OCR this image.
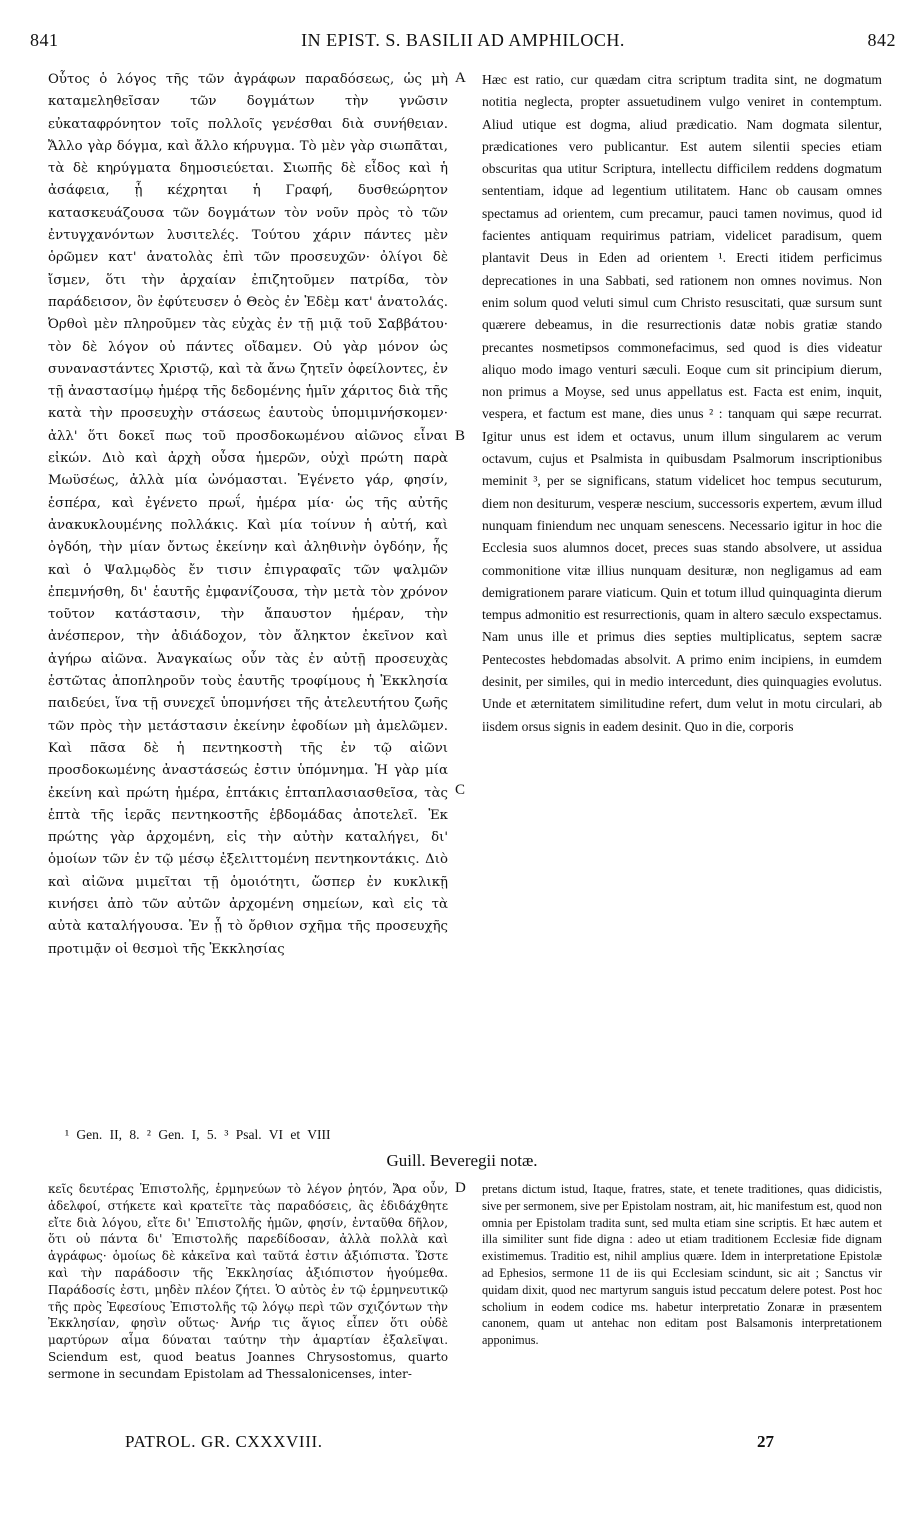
841	IN EPIST. S. BASILII AD AMPHILOCH.	842
Οὗτος ὁ λόγος τῆς τῶν ἀγράφων παραδόσεως, ὡς μὴ καταμεληθεῖσαν τῶν δογμάτων τὴν γνῶσιν εὐκαταφρόνητον τοῖς πολλοῖς γενέσθαι διὰ συνήθειαν. Ἄλλο γὰρ δόγμα, καὶ ἄλλο κήρυγμα. Τὸ μὲν γὰρ σιωπᾶται, τὰ δὲ κηρύγματα δημοσιεύεται. Σιωπῆς δὲ εἶδος καὶ ἡ ἀσάφεια, ᾗ κέχρηται ἡ Γραφή, δυσθεώρητον κατασκευάζουσα τῶν δογμάτων τὸν νοῦν πρὸς τὸ τῶν ἐντυγχανόντων λυσιτελές. Τούτου χάριν πάντες μὲν ὁρῶμεν κατ' ἀνατολὰς ἐπὶ τῶν προσευχῶν· ὀλίγοι δὲ ἴσμεν, ὅτι τὴν ἀρχαίαν ἐπιζητοῦμεν πατρίδα, τὸν παράδεισον, ὃν ἐφύτευσεν ὁ Θεὸς ἐν Ἐδὲμ κατ' ἀνατολάς. Ὀρθοὶ μὲν πληροῦμεν τὰς εὐχὰς ἐν τῇ μιᾷ τοῦ Σαββάτου· τὸν δὲ λόγον οὐ πάντες οἴδαμεν. Οὐ γὰρ μόνον ὡς συναναστάντες Χριστῷ, καὶ τὰ ἄνω ζητεῖν ὀφείλοντες, ἐν τῇ ἀναστασίμῳ ἡμέρᾳ τῆς δεδομένης ἡμῖν χάριτος διὰ τῆς κατὰ τὴν προσευχὴν στάσεως ἑαυτοὺς ὑπομιμνήσκομεν· ἀλλ' ὅτι δοκεῖ πως τοῦ προσδοκωμένου αἰῶνος εἶναι εἰκών. Διὸ καὶ ἀρχὴ οὖσα ἡμερῶν, οὐχὶ πρώτη παρὰ Μωϋσέως, ἀλλὰ μία ὠνόμασται. Ἐγένετο γάρ, φησίν, ἑσπέρα, καὶ ἐγένετο πρωΐ, ἡμέρα μία· ὡς τῆς αὐτῆς ἀνακυκλουμένης πολλάκις. Καὶ μία τοίνυν ἡ αὐτή, καὶ ὀγδόη, τὴν μίαν ὄντως ἐκείνην καὶ ἀληθινὴν ὀγδόην, ἧς καὶ ὁ Ψαλμῳδὸς ἔν τισιν ἐπιγραφαῖς τῶν ψαλμῶν ἐπεμνήσθη, δι' ἑαυτῆς ἐμφανίζουσα, τὴν μετὰ τὸν χρόνον τοῦτον κατάστασιν, τὴν ἄπαυστον ἡμέραν, τὴν ἀνέσπερον, τὴν ἀδιάδοχον, τὸν ἄληκτον ἐκεῖνον καὶ ἀγήρω αἰῶνα. Ἀναγκαίως οὖν τὰς ἐν αὐτῇ προσευχὰς ἑστῶτας ἀποπληροῦν τοὺς ἑαυτῆς τροφίμους ἡ Ἐκκλησία παιδεύει, ἵνα τῇ συνεχεῖ ὑπομνήσει τῆς ἀτελευτήτου ζωῆς τῶν πρὸς τὴν μετάστασιν ἐκείνην ἐφοδίων μὴ ἀμελῶμεν. Καὶ πᾶσα δὲ ἡ πεντηκοστὴ τῆς ἐν τῷ αἰῶνι προσδοκωμένης ἀναστάσεώς ἐστιν ὑπόμνημα. Ἡ γὰρ μία ἐκείνη καὶ πρώτη ἡμέρα, ἑπτάκις ἑπταπλασιασθεῖσα, τὰς ἑπτὰ τῆς ἱερᾶς πεντηκοστῆς ἑβδομάδας ἀποτελεῖ. Ἐκ πρώτης γὰρ ἀρχομένη, εἰς τὴν αὐτὴν καταλήγει, δι' ὁμοίων τῶν ἐν τῷ μέσῳ ἐξελιττομένη πεντηκοντάκις. Διὸ καὶ αἰῶνα μιμεῖται τῇ ὁμοιότητι, ὥσπερ ἐν κυκλικῇ κινήσει ἀπὸ τῶν αὐτῶν ἀρχομένη σημείων, καὶ εἰς τὰ αὐτὰ καταλήγουσα. Ἐν ᾗ τὸ ὄρθιον σχῆμα τῆς προσευχῆς προτιμᾷν οἱ θεσμοὶ τῆς Ἐκκλησίας
Hæc est ratio, cur quædam citra scriptum tradita sint, ne dogmatum notitia neglecta, propter assuetudinem vulgo veniret in contemptum. Aliud utique est dogma, aliud prædicatio. Nam dogmata silentur, prædicationes vero publicantur. Est autem silentii species etiam obscuritas qua utitur Scriptura, intellectu difficilem reddens dogmatum sententiam, idque ad legentium utilitatem. Hanc ob causam omnes spectamus ad orientem, cum precamur, pauci tamen novimus, quod id facientes antiquam requirimus patriam, videlicet paradisum, quem plantavit Deus in Eden ad orientem ¹. Erecti itidem perficimus deprecationes in una Sabbati, sed rationem non omnes novimus. Non enim solum quod veluti simul cum Christo resuscitati, quæ sursum sunt quærere debeamus, in die resurrectionis datæ nobis gratiæ stando precantes nosmetipsos commonefacimus, sed quod is dies videatur aliquo modo imago venturi sæculi. Eoque cum sit principium dierum, non primus a Moyse, sed unus appellatus est. Facta est enim, inquit, vespera, et factum est mane, dies unus ² : tanquam qui sæpe recurrat. Igitur unus est idem et octavus, unum illum singularem ac verum octavum, cujus et Psalmista in quibusdam Psalmorum inscriptionibus meminit ³, per se significans, statum videlicet hoc tempus secuturum, diem non desiturum, vesperæ nescium, successoris expertem, ævum illud nunquam finiendum nec unquam senescens. Necessario igitur in hoc die Ecclesia suos alumnos docet, preces suas stando absolvere, ut assidua commonitione vitæ illius nunquam desituræ, non negligamus ad eam demigrationem parare viaticum. Quin et totum illud quinquaginta dierum tempus admonitio est resurrectionis, quam in altero sæculo exspectamus. Nam unus ille et primus dies septies multiplicatus, septem sacræ Pentecostes hebdomadas absolvit. A primo enim incipiens, in eumdem desinit, per similes, qui in medio intercedunt, dies quinquagies evolutus. Unde et æternitatem similitudine refert, dum velut in motu circulari, ab iisdem orsus signis in eadem desinit. Quo in die, corporis
A
B
C
D
¹ Gen. II, 8. ² Gen. I, 5. ³ Psal. VI et VIII
Guill. Beveregii notæ.
κεῖς δευτέρας Ἐπιστολῆς, ἑρμηνεύων τὸ λέγον ῥητόν, Ἄρα οὖν, ἀδελφοί, στήκετε καὶ κρατεῖτε τὰς παραδόσεις, ἃς ἐδιδάχθητε εἴτε διὰ λόγου, εἴτε δι' Ἐπιστολῆς ἡμῶν, φησίν, ἐνταῦθα δῆλον, ὅτι οὐ πάντα δι' Ἐπιστολῆς παρεδίδοσαν, ἀλλὰ πολλὰ καὶ ἀγράφως· ὁμοίως δὲ κἀκεῖνα καὶ ταῦτά ἐστιν ἀξιόπιστα. Ὥστε καὶ τὴν παράδοσιν τῆς Ἐκκλησίας ἀξιόπιστον ἡγούμεθα. Παράδοσίς ἐστι, μηδὲν πλέον ζήτει. Ὁ αὐτὸς ἐν τῷ ἑρμηνευτικῷ τῆς πρὸς Ἐφεσίους Ἐπιστολῆς τῷ λόγῳ περὶ τῶν σχιζόντων τὴν Ἐκκλησίαν, φησὶν οὕτως· Ἀνήρ τις ἅγιος εἶπεν ὅτι οὐδὲ μαρτύρων αἷμα δύναται ταύτην τὴν ἁμαρτίαν ἐξαλεῖψαι. Sciendum est, quod beatus Joannes Chrysostomus, quarto sermone in secundam Epistolam ad Thessalonicenses, inter-
pretans dictum istud, Itaque, fratres, state, et tenete traditiones, quas didicistis, sive per sermonem, sive per Epistolam nostram, ait, hic manifestum est, quod non omnia per Epistolam tradita sunt, sed multa etiam sine scriptis. Et hæc autem et illa similiter sunt fide digna : adeo ut etiam traditionem Ecclesiæ fide dignam existimemus. Traditio est, nihil amplius quære. Idem in interpretatione Epistolæ ad Ephesios, sermone 11 de iis qui Ecclesiam scindunt, sic ait ; Sanctus vir quidam dixit, quod nec martyrum sanguis istud peccatum delere potest. Post hoc scholium in eodem codice ms. habetur interpretatio Zonaræ in præsentem canonem, quam ut antehac non editam post Balsamonis interpretationem apponimus.
PATROL. GR. CXXXVIII.	27
